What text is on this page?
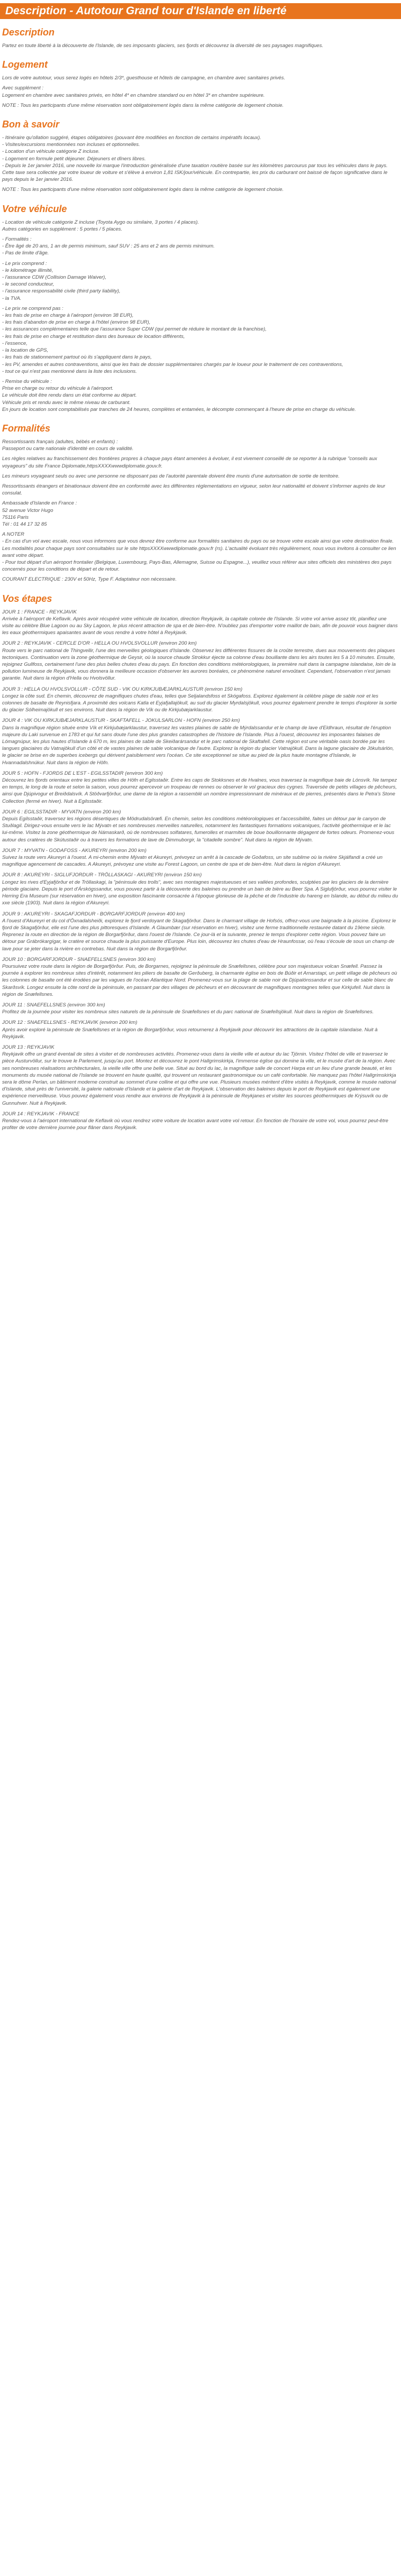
Description - Autotour Grand tour d'Islande en liberté
Description

Partez en toute liberté à la découverte de l'Islande, de ses imposants glaciers, ses fjords et découvrez la diversité de ses paysages magnifiques.

Logement

Lors de votre autotour, vous serez logés en hôtels 2/3*, guesthouse et hôtels de campagne, en chambre avec sanitaires privés.

Avec supplément :
Logement en chambre avec sanitaires privés, en hôtel 4* en chambre standard ou en hôtel 3* en chambre supérieure.

NOTE : Tous les participants d'une même réservation sont obligatoirement logés dans la même catégorie de logement choisie.

Bon à savoir

- Itinéraire qu'ollation suggéré, étapes obligatoires (pouvant être modifiées en fonction de certains impératifs locaux).
- Visites/excursions mentionnées non incluses et optionnelles.
- Location d'un véhicule catégorie Z incluse.
- Logement en formule petit déjeuner. Déjeuners et dîners libres.
- Depuis le 1er janvier 2016, une nouvelle loi marque l'introduction généralisée d'une taxation routière basée sur les kilomètres parcourus par tous les véhicules dans le pays. Cette taxe sera collectée par votre loueur de voiture et s'élève à environ 1,81 ISK/jour/véhicule. En contrepartie, les prix du carburant ont baissé de façon significative dans le pays depuis le 1er janvier 2016.

NOTE : Tous les participants d'une même réservation sont obligatoirement logés dans la même catégorie de logement choisie.

Votre véhicule

- Location de véhicule catégorie Z incluse (Toyota Aygo ou similaire, 3 portes / 4 places).
Autres catégories en supplément : 5 portes / 5 places.

- Formalités :
- Être âgé de 20 ans, 1 an de permis minimum, sauf SUV : 25 ans et 2 ans de permis minimum.
- Pas de limite d'âge.

- Le prix comprend :
- le kilométrage illimité,
- l'assurance CDW (Collision Damage Waiver),
- le second conducteur,
- l'assurance responsabilité civile (third party liability),
- la TVA.

- Le prix ne comprend pas :
- les frais de prise en charge à l'aéroport (environ 38 EUR),
- les frais d'abandon de prise en charge à l'hôtel (environ 98 EUR),
- les assurances complémentaires telle que l'assurance Super CDW (qui permet de réduire le montant de la franchise),
- les frais de prise en charge et restitution dans des bureaux de location différents,
- l'essence,
- la location de GPS,
- les frais de stationnement partout où ils s'appliquent dans le pays,
- les PV, amendes et autres contraventions, ainsi que les frais de dossier supplémentaires chargés par le loueur pour le traitement de ces contraventions,
- tout ce qui n'est pas mentionné dans la liste des inclusions.

- Remise du véhicule :
Prise en charge ou retour du véhicule à l'aéroport.
Le véhicule doit être rendu dans un état conforme au départ.
Véhicule pris et rendu avec le même niveau de carburant.
En jours de location sont comptabilisés par tranches de 24 heures, complètes et entamées, le décompte commençant à l'heure de prise en charge du véhicule.

Formalités

Ressortissants français (adultes, bébés et enfants) :
Passeport ou carte nationale d'identité en cours de validité.

Les règles relatives au franchissement des frontières propres à chaque pays étant amenées à évoluer, il est vivement conseillé de se reporter à la rubrique "conseils aux voyageurs" du site France Diplomatie,httpsXXXXwwwdiplomatie.gouv.fr.

Les mineurs voyageant seuls ou avec une personne ne disposant pas de l'autorité parentale doivent être munis d'une autorisation de sortie de territoire.

Ressortissants étrangers et binationaux doivent être en conformité avec les différentes réglementations en vigueur, selon leur nationalité et doivent s'informer auprès de leur consulat.

Ambassade d'Islande en France :
52 avenue Victor Hugo
75116 Paris
Tél : 01 44 17 32 85

A NOTER
- En cas d'un vol avec escale, nous vous informons que vous devrez être conforme aux formalités sanitaires du pays ou se trouve votre escale ainsi que votre destination finale.
Les modalités pour chaque pays sont consultables sur le site httpsXXXXwwwdiplomatie.gouv.fr (rs). L'actualité évoluant très régulièrement, nous vous invitons à consulter ce lien avant votre départ.
- Pour tout départ d'un aéroport frontalier (Belgique, Luxembourg, Pays-Bas, Allemagne, Suisse ou Espagne...), veuillez vous référer aux sites officiels des ministères des pays concernés pour les conditions de départ et de retour.

COURANT ELECTRIQUE : 230V et 50Hz, Type F. Adaptateur non nécessaire.

Vos étapes

JOUR 1 : FRANCE - REYKJAVIK

Arrivée à l'aéroport de Keflavik. Après avoir récupéré votre véhicule de location, direction Reykjavik, la capitale colorée de l'Islande. Si votre vol arrive assez tôt, planifiez une visite au célèbre Blue Lagoon ou au Sky Lagoon, le plus récent attraction de spa et de bien-être. N'oubliez pas d'emporter votre maillot de bain, afin de pouvoir vous baigner dans les eaux géothermiques apaisantes avant de vous rendre à votre hôtel à Reykjavik.

JOUR 2 : REYKJAVIK - CERCLE D'OR - HELLA OU HVOLSVOLLUR (environ 200 km)

Route vers le parc national de Thingvellir, l'une des merveilles géologiques d'Islande. Observez les différentes fissures de la croûte terrestre, dues aux mouvements des plaques tectoniques. Continuation vers la zone géothermique de Geysir, où la source chaude Strokkur éjecte sa colonne d'eau bouillante dans les airs toutes les 5 à 10 minutes. Ensuite, rejoignez Gullfoss, certainement l'une des plus belles chutes d'eau du pays. En fonction des conditions météorologiques, la première nuit dans la campagne islandaise, loin de la pollution lumineuse de Reykjavik, vous donnera la meilleure occasion d'observer les aurores boréales, ce phénomène naturel envoûtant. Cependant, l'observation n'est jamais garantie. Nuit dans la région d'Hella ou Hvolsvöllur.

JOUR 3 : HELLA OU HVOLSVOLLUR - CÔTE SUD - VIK OU KIRKJUBÆJARKLAUSTUR (environ 150 km)

Longez la côte sud. En chemin, découvrez de magnifiques chutes d'eau, telles que Seljalandsfoss et Skógafoss. Explorez également la célèbre plage de sable noir et les colonnes de basalte de Reynisfjara. A proximité des volcans Katla et Eyjafjallajökull, au sud du glacier Myrdalsjökull, vous pourrez également prendre le temps d'explorer la sortie du glacier Sólheimajökull et ses environs. Nuit dans la région de Vík ou de Kirkjubæjarklaustur.

JOUR 4 : VIK OU KIRKJUBÆJARKLAUSTUR - SKAFTAFELL - JOKULSARLON - HOFN (environ 250 km)

Dans la magnifique région située entre Vík et Kirkjubæjarklaustur, traversez les vastes plaines de sable de Mýrdalssandur et le champ de lave d'Eldhraun, résultat de l'éruption majeure du Laki survenue en 1783 et qui fut sans doute l'une des plus grandes catastrophes de l'histoire de l'Islande. Plus à l'ouest, découvrez les imposantes falaises de Lómagnúpur, les plus hautes d'Islande à 670 m, les plaines de sable de Skeiðarársandur et le parc national de Skaftafell. Cette région est une véritable oasis bordée par les langues glaciaires du Vatnajökull d'un côté et de vastes plaines de sable volcanique de l'autre. Explorez la région du glacier Vatnajökull. Dans la lagune glaciaire de Jökulsárlón, le glacier se brise en de superbes icebergs qui dérivent paisiblement vers l'océan. Ce site exceptionnel se situe au pied de la plus haute montagne d'Islande, le Hvannadalshnúkur. Nuit dans la région de Höfn.

JOUR 5 : HOFN - FJORDS DE L'EST - EGILSSTADIR (environ 300 km)

Découvrez les fjords orientaux entre les petites villes de Höfn et Egilsstaðir. Entre les caps de Stokksnes et de Hvalnes, vous traversez la magnifique baie de Lónsvík. Ne tampez en temps, le long de la route et selon la saison, vous pourrez apercevoir un troupeau de rennes ou observer le vol gracieux des cygnes. Traversée de petits villages de pêcheurs, ainsi que Djúpivogur et Breiðdalsvík. A Stöðvarfjörður, une dame de la région a rassemblé un nombre impressionnant de minéraux et de pierres, présentés dans le Petra's Stone Collection (fermé en hiver). Nuit à Egilsstaðir.

JOUR 6 : EGILSSTADIR - MYVATN (environ 200 km)

Depuis Egilsstaðir, traversez les régions désertiques de Mödrudalsöræfi. En chemin, selon les conditions météorologiques et l'accessibilité, faites un détour par le canyon de Stuðlagil. Dirigez-vous ensuite vers le lac Mývatn et ses nombreuses merveilles naturelles, notamment les fantastiques formations volcaniques, l'activité géothermique et le lac lui-même. Visitez la zone géothermique de Námaskarð, où de nombreuses solfatares, fumerolles et marmites de boue bouillonnante dégagent de fortes odeurs. Promenez-vous autour des cratères de Skútustaðir ou à travers les formations de lave de Dimmuborgir, la "citadelle sombre". Nuit dans la région de Mývatn.

JOUR 7 : MYVATN - GODAFOSS - AKUREYRI (environ 200 km)

Suivez la route vers Akureyri à l'ouest. A mi-chemin entre Mývatn et Akureyri, prévoyez un arrêt à la cascade de Goðafoss, un site sublime où la rivière Skjálfandi a créé un magnifique agencement de cascades. A Akureyri, prévoyez une visite au Forest Lagoon, un centre de spa et de bien-être. Nuit dans la région d'Akureyri.

JOUR 8 : AKUREYRI - SIGLUFJORDUR - TRÖLLASKAGI - AKUREYRI (environ 150 km)

Longez les rives d'Eyjafjörður et de Tröllaskagi, la "péninsule des trolls", avec ses montagnes majestueuses et ses vallées profondes, sculptées par les glaciers de la dernière période glaciaire. Depuis le port d'Árskógssandur, vous pouvez partir à la découverte des baleines ou prendre un bain de bière au Beer Spa. A Siglufjörður, vous pourrez visiter le Herring Era Museum (sur réservation en hiver), une exposition fascinante consacrée à l'époque glorieuse de la pêche et de l'industrie du hareng en Islande, au début du milieu du xxe siècle (1903). Nuit dans la région d'Akureyri.

JOUR 9 : AKUREYRI - SKAGAFJORDUR - BORGARFJORDUR (environ 400 km)

A l'ouest d'Akureyri et du col d'Öxnadalsheiði, explorez le fjord verdoyant de Skagafjörður. Dans le charmant village de Hofsós, offrez-vous une baignade à la piscine. Explorez le fjord de Skagafjörður, elle est l'une des plus pittoresques d'Islande. A Glaumbær (sur réservation en hiver), visitez une ferme traditionnelle restaurée datant du 19ème siècle. Reprenez la route en direction de la région de Borgarfjörður, dans l'ouest de l'Islande. Ce jour-là et la suivante, prenez le temps d'explorer cette région. Vous pouvez faire un détour par Grábrókargígar, le cratère et source chaude la plus puissante d'Europe. Plus loin, découvrez les chutes d'eau de Hraunfossar, où l'eau s'écoule de sous un champ de lave pour se jeter dans la rivière en contrebas. Nuit dans la région de Borgarfjörður.

JOUR 10 : BORGARFJORDUR - SNAEFELLSNES (environ 300 km)

Poursuivez votre route dans la région de Borgarfjörður. Puis, de Borgarnes, rejoignez la péninsule de Snæfellsnes, célèbre pour son majestueux volcan Snæfell. Passez la journée à explorer les nombreux sites d'intérêt, notamment les piliers de basalte de Gerðuberg, la charmante église en bois de Búðir et Arnarstapi, un petit village de pêcheurs où les colonnes de basalte ont été érodées par les vagues de l'océan Atlantique Nord. Promenez-vous sur la plage de sable noir de Djúpalónssandur et sur celle de sable blanc de Skarðsvík. Longez ensuite la côte nord de la péninsule, en passant par des villages de pêcheurs et en découvrant de magnifiques montagnes telles que Kirkjufell. Nuit dans la région de Snæfellsnes.

JOUR 11 : SNAEFELLSNES (environ 300 km)

Profitez de la journée pour visiter les nombreux sites naturels de la péninsule de Snæfellsnes et du parc national de Snæfellsjökull. Nuit dans la région de Snæfellsnes.

JOUR 12 : SNAEFELLSNES - REYKJAVIK (environ 200 km)

Après avoir exploré la péninsule de Snæfellsnes et la région de Borgarfjörður, vous retournerez à Reykjavik pour découvrir les attractions de la capitale islandaise. Nuit à Reykjavik.

JOUR 13 : REYKJAVIK

Reykjavik offre un grand éventail de sites à visiter et de nombreuses activités. Promenez-vous dans la vieille ville et autour du lac Tjörnin. Visitez l'hôtel de ville et traversez le pièce Austurvöllur, sur le trouve le Parlement, jusqu'au port. Montez et découvrez le pont Hallgrimskirkja, l'immense église qui domine la ville, et le musée d'art de la région. Avec ses nombreuses réalisations architecturales, la vieille ville offre une belle vue. Situé au bord du lac, la magnifique salle de concert Harpa est un lieu d'une grande beauté, et les monuments du musée national de l'Islande se trouvent en haute qualité, qui trouvent un restaurant gastronomique ou un café confortable. Ne manquez pas l'hôtel Hallgrimskirkja sera le dôme Perlan, un bâtiment moderne construit au sommet d'une colline et qui offre une vue. Plusieurs musées méritent d'être visités à Reykjavik, comme le musée national d'Islande, situé près de l'université, la galerie nationale d'Islande et la galerie d'art de Reykjavik. L'observation des baleines depuis le port de Reykjavik est également une expérience merveilleuse. Vous pouvez également vous rendre aux environs de Reykjavik à la péninsule de Reykjanes et visiter les sources géothermiques de Krýsuvík ou de Gunnuhver. Nuit à Reykjavik.

JOUR 14 : REYKJAVIK - FRANCE

Rendez-vous à l'aéroport international de Keflavik où vous rendrez votre voiture de location avant votre vol retour. En fonction de l'horaire de votre vol, vous pourrez peut-être profiter de votre dernière journée pour flâner dans Reykjavik.
